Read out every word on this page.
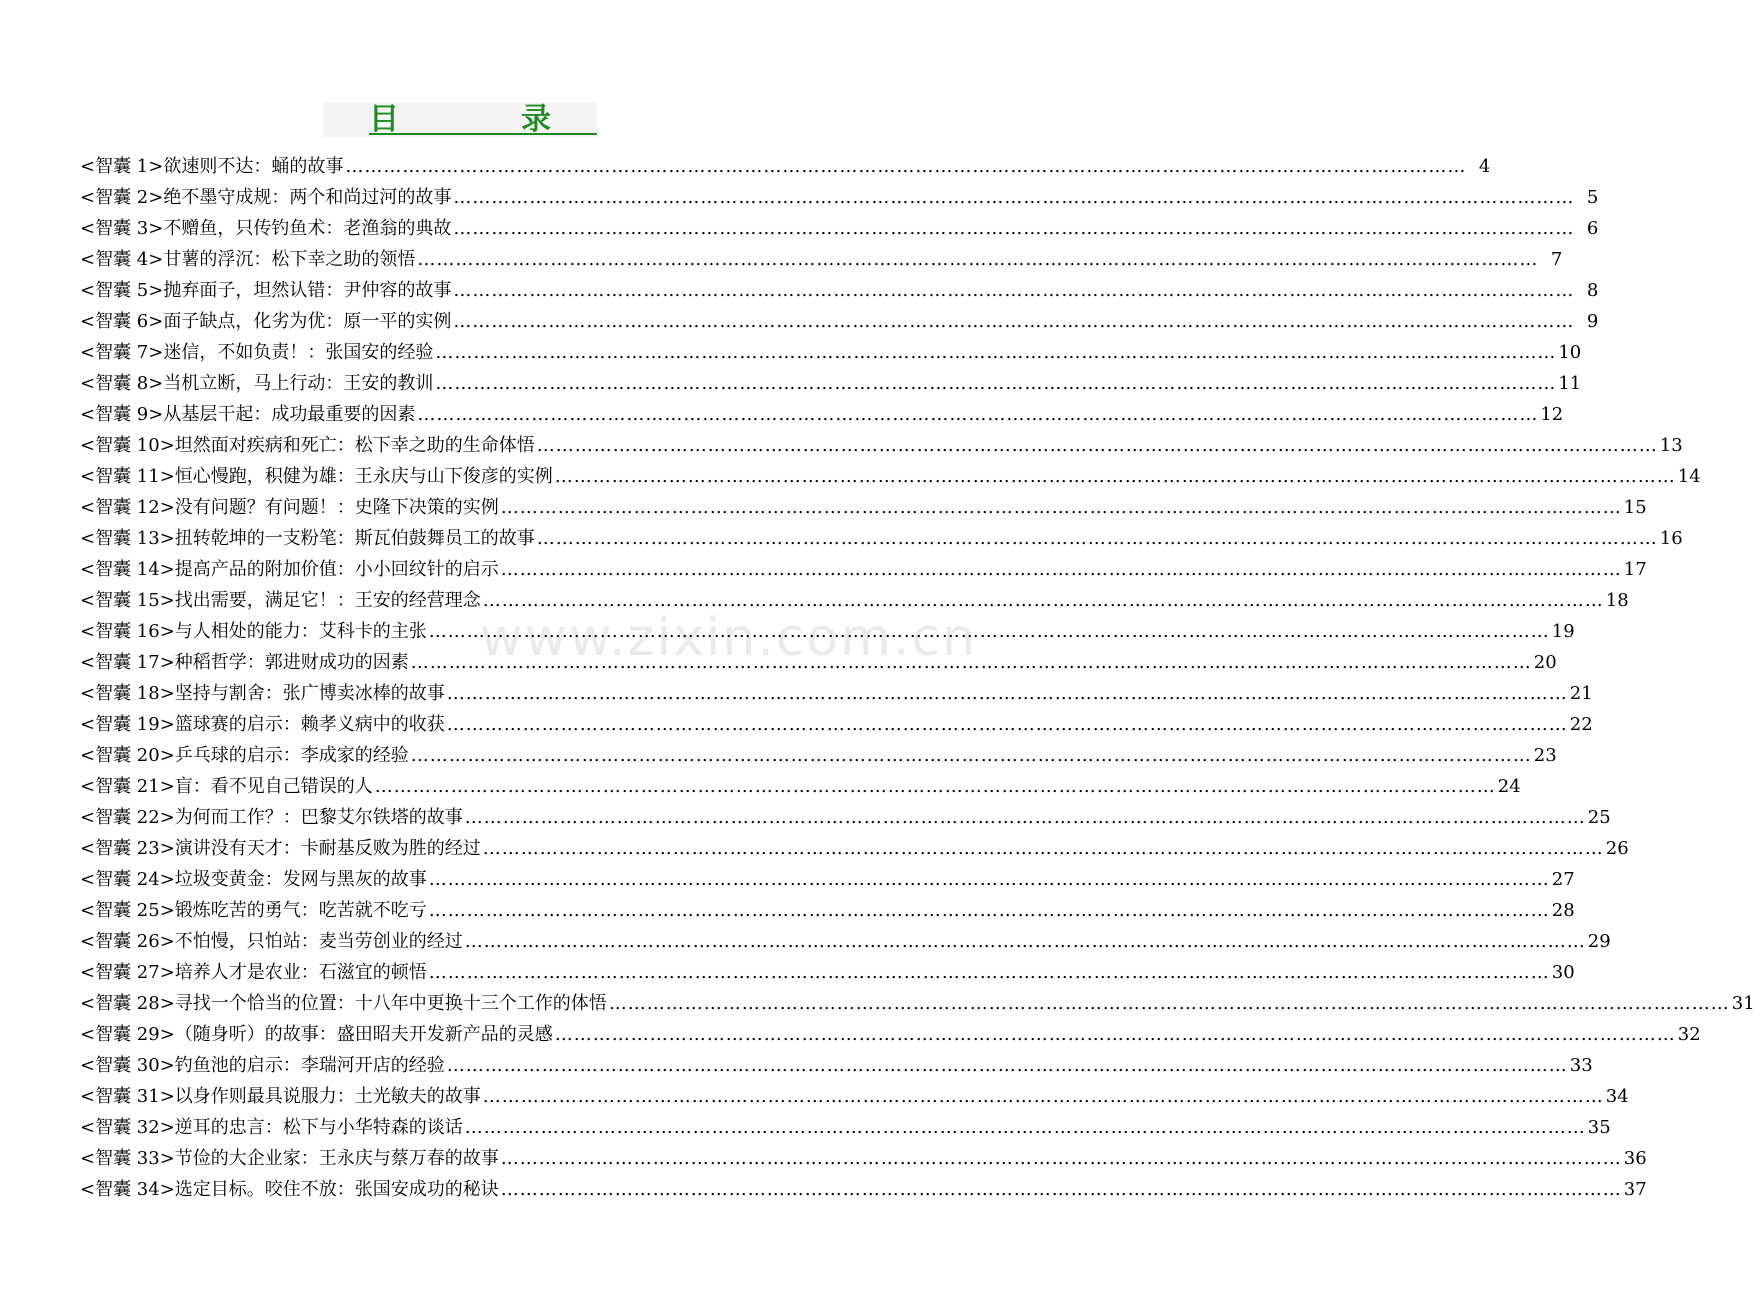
目　录
www.zixin.com.cn
<智囊 1>欲速则不达：蛹的故事 ……………………………………………………………………………………………………………………………………………………………	4
<智囊 2>绝不墨守成规：两个和尚过河的故事 ……………………………………………………………………………………………………………………………………………………………	5
<智囊 3>不赠鱼，只传钓鱼术：老渔翁的典故 ……………………………………………………………………………………………………………………………………………………………	6
<智囊 4>甘薯的浮沉：松下幸之助的领悟 ……………………………………………………………………………………………………………………………………………………………	7
<智囊 5>抛弃面子，坦然认错：尹仲容的故事 ……………………………………………………………………………………………………………………………………………………………	8
<智囊 6>面子缺点，化劣为优：原一平的实例 ……………………………………………………………………………………………………………………………………………………………	9
<智囊 7>迷信，不如负责！：张国安的经验 ……………………………………………………………………………………………………………………………………………………………	10
<智囊 8>当机立断，马上行动：王安的教训 ……………………………………………………………………………………………………………………………………………………………	11
<智囊 9>从基层干起：成功最重要的因素 ……………………………………………………………………………………………………………………………………………………………	12
<智囊 10>坦然面对疾病和死亡：松下幸之助的生命体悟 ……………………………………………………………………………………………………………………………………………………………	13
<智囊 11>恒心慢跑，积健为雄：王永庆与山下俊彦的实例 ……………………………………………………………………………………………………………………………………………………………	14
<智囊 12>没有问题？有问题！：史隆下决策的实例 ……………………………………………………………………………………………………………………………………………………………	15
<智囊 13>扭转乾坤的一支粉笔：斯瓦伯鼓舞员工的故事 ……………………………………………………………………………………………………………………………………………………………	16
<智囊 14>提高产品的附加价值：小小回纹针的启示 ……………………………………………………………………………………………………………………………………………………………	17
<智囊 15>找出需要，满足它！：王安的经营理念 ……………………………………………………………………………………………………………………………………………………………	18
<智囊 16>与人相处的能力：艾科卡的主张 ……………………………………………………………………………………………………………………………………………………………	19
<智囊 17>种稻哲学：郭进财成功的因素 ……………………………………………………………………………………………………………………………………………………………	20
<智囊 18>坚持与割舍：张广博卖冰棒的故事 ……………………………………………………………………………………………………………………………………………………………	21
<智囊 19>篮球赛的启示：赖孝义病中的收获 ……………………………………………………………………………………………………………………………………………………………	22
<智囊 20>乒乓球的启示：李成家的经验 ……………………………………………………………………………………………………………………………………………………………	23
<智囊 21>盲：看不见自己错误的人 ……………………………………………………………………………………………………………………………………………………………	24
<智囊 22>为何而工作？：巴黎艾尔铁塔的故事 ……………………………………………………………………………………………………………………………………………………………	25
<智囊 23>演讲没有天才：卡耐基反败为胜的经过 ……………………………………………………………………………………………………………………………………………………………	26
<智囊 24>垃圾变黄金：发网与黑灰的故事 ……………………………………………………………………………………………………………………………………………………………	27
<智囊 25>锻炼吃苦的勇气：吃苦就不吃亏 ……………………………………………………………………………………………………………………………………………………………	28
<智囊 26>不怕慢，只怕站：麦当劳创业的经过 ……………………………………………………………………………………………………………………………………………………………	29
<智囊 27>培养人才是农业：石滋宜的顿悟 ……………………………………………………………………………………………………………………………………………………………	30
<智囊 28>寻找一个恰当的位置：十八年中更换十三个工作的体悟 ……………………………………………………………………………………………………………………………………………………………	31
<智囊 29>（随身听）的故事：盛田昭夫开发新产品的灵感 ……………………………………………………………………………………………………………………………………………………………	32
<智囊 30>钓鱼池的启示：李瑞河开店的经验 ……………………………………………………………………………………………………………………………………………………………	33
<智囊 31>以身作则最具说服力：土光敏夫的故事 ……………………………………………………………………………………………………………………………………………………………	34
<智囊 32>逆耳的忠言：松下与小华特森的谈话 ……………………………………………………………………………………………………………………………………………………………	35
<智囊 33>节俭的大企业家：王永庆与蔡万春的故事 ……………………………………………………………………………………………………………………………………………………………	36
<智囊 34>选定目标。咬住不放：张国安成功的秘诀 ……………………………………………………………………………………………………………………………………………………………	37
